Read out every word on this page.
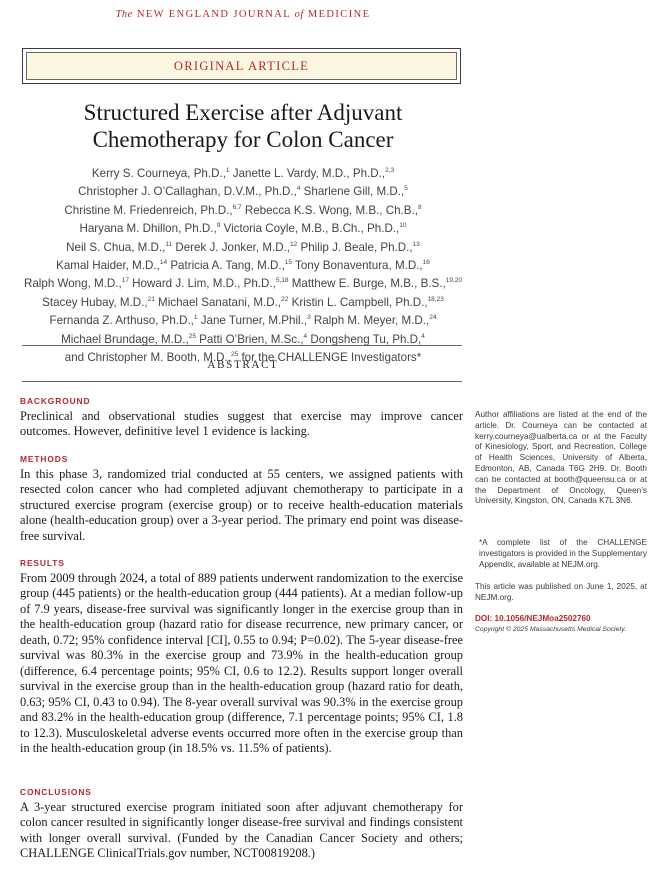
The NEW ENGLAND JOURNAL of MEDICINE
ORIGINAL ARTICLE
Structured Exercise after Adjuvant
Chemotherapy for Colon Cancer
Kerry S. Courneya, Ph.D.,$^1$ Janette L. Vardy, M.D., Ph.D.,$^{2,3}$
Christopher J. O’Callaghan, D.V.M., Ph.D.,$^4$ Sharlene Gill, M.D.,$^5$
Christine M. Friedenreich, Ph.D.,$^{6,7}$ Rebecca K.S. Wong, M.B., Ch.B.,$^8$
Haryana M. Dhillon, Ph.D.,$^9$ Victoria Coyle, M.B., B.Ch., Ph.D.,$^{10}$
Neil S. Chua, M.D.,$^{11}$ Derek J. Jonker, M.D.,$^{12}$ Philip J. Beale, Ph.D.,$^{13}$
Kamal Haider, M.D.,$^{14}$ Patricia A. Tang, M.D.,$^{15}$ Tony Bonaventura, M.D.,$^{16}$
Ralph Wong, M.D.,$^{17}$ Howard J. Lim, M.D., Ph.D.,$^{5,18}$ Matthew E. Burge, M.B., B.S.,$^{19,20}$
Stacey Hubay, M.D.,$^{21}$ Michael Sanatani, M.D.,$^{22}$ Kristin L. Campbell, Ph.D.,$^{18,23}$
Fernanda Z. Arthuso, Ph.D.,$^1$ Jane Turner, M.Phil.,$^3$ Ralph M. Meyer, M.D.,$^{24}$
Michael Brundage, M.D.,$^{25}$ Patti O’Brien, M.Sc.,$^4$ Dongsheng Tu, Ph.D,$^4$
and Christopher M. Booth, M.D.,$^{25}$ for the CHALLENGE Investigators*
ABSTRACT
BACKGROUND

Preclinical and observational studies suggest that exercise may improve cancer outcomes. However, definitive level 1 evidence is lacking.

METHODS

In this phase 3, randomized trial conducted at 55 centers, we assigned patients with resected colon cancer who had completed adjuvant chemotherapy to participate in a structured exercise program (exercise group) or to receive health-education materials alone (health-education group) over a 3-year period. The primary end point was disease-free survival.

RESULTS

From 2009 through 2024, a total of 889 patients underwent randomization to the exercise group (445 patients) or the health-education group (444 patients). At a median follow-up of 7.9 years, disease-free survival was significantly longer in the exercise group than in the health-education group (hazard ratio for disease recurrence, new primary cancer, or death, 0.72; 95% confidence interval [CI], 0.55 to 0.94; P=0.02). The 5-year disease-free survival was 80.3% in the exercise group and 73.9% in the health-education group (difference, 6.4 percentage points; 95% CI, 0.6 to 12.2). Results support longer overall survival in the exercise group than in the health-education group (hazard ratio for death, 0.63; 95% CI, 0.43 to 0.94). The 8-year overall survival was 90.3% in the exercise group and 83.2% in the health-education group (difference, 7.1 percentage points; 95% CI, 1.8 to 12.3). Musculoskeletal adverse events occurred more often in the exercise group than in the health-education group (in 18.5% vs. 11.5% of patients).

CONCLUSIONS

A 3-year structured exercise program initiated soon after adjuvant chemotherapy for colon cancer resulted in significantly longer disease-free survival and findings consistent with longer overall survival. (Funded by the Canadian Cancer Society and others; CHALLENGE ClinicalTrials.gov number, NCT00819208.)

Author affiliations are listed at the end of the article. Dr. Courneya can be contacted at kerry.courneya@ualberta.ca or at the Faculty of Kinesiology, Sport, and Recreation, College of Health Sciences, University of Alberta, Edmonton, AB, Canada T6G 2H9. Dr. Booth can be contacted at booth@queensu.ca or at the Department of Oncology, Queen’s University, Kingston, ON, Canada K7L 3N6.
*A complete list of the CHALLENGE investigators is provided in the Supplementary Appendix, available at NEJM.org.
This article was published on June 1, 2025, at NEJM.org.
DOI: 10.1056/NEJMoa2502760
Copyright © 2025 Massachusetts Medical Society.
